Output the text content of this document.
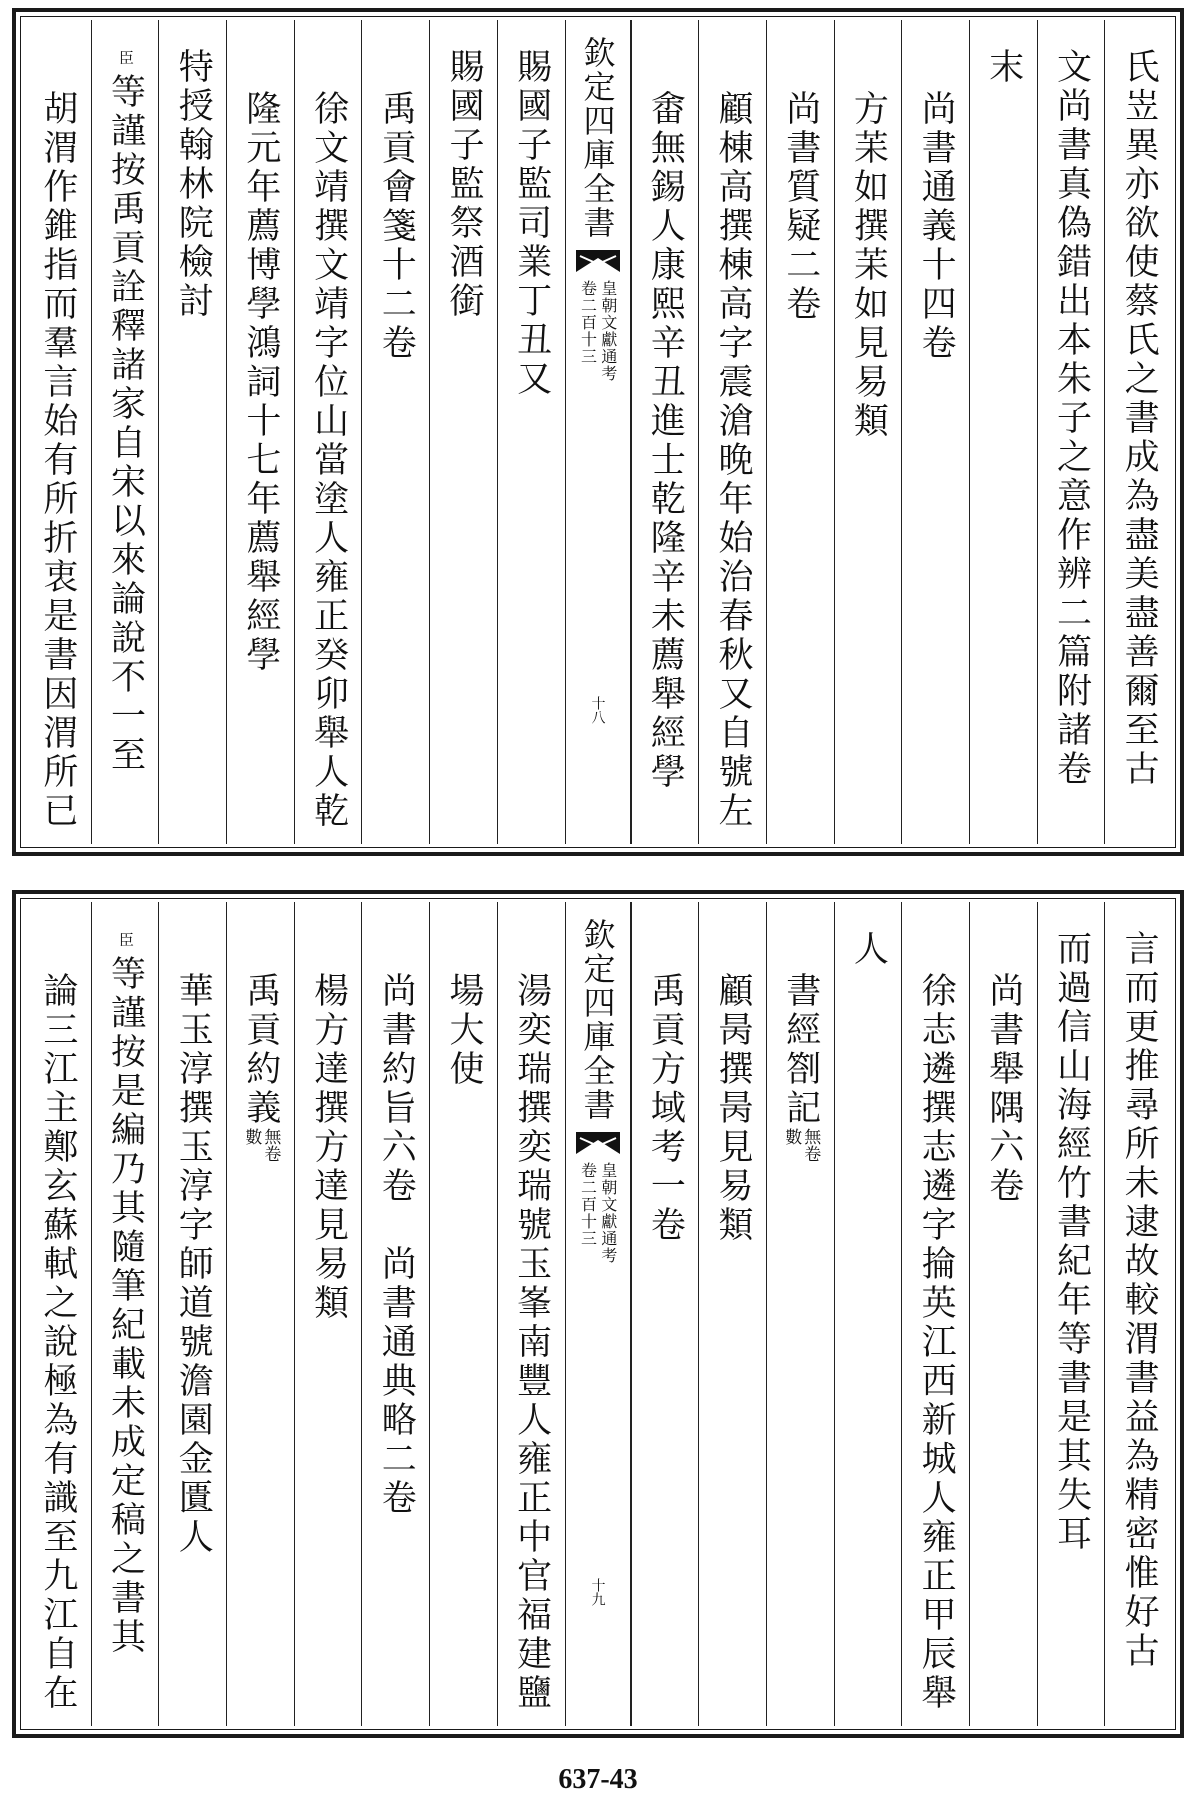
氏岦異亦欲使蔡氏之書成為盡美盡善爾至古
文尚書真偽錯出本朱子之意作辨二篇附諸卷
末
尚書通義十四卷
方苿如撰苿如見易類
尚書質疑二卷
顧棟高撰棟高字震滄晚年始治春秋又自號左
畬無錫人康熙辛丑進士乾隆辛未薦舉經學
欽定四庫全書
皇朝文獻通考
卷二百十三
十八
賜國子監司業丁丑又
賜國子監祭酒銜
禹貢會箋十二卷
徐文靖撰文靖字位山當塗人雍正癸卯舉人乾
隆元年薦博學鴻詞十七年薦舉經學
特授翰林院檢討
臣
等謹按禹貢詮釋諸家自宋以來論說不一至
胡渭作錐指而羣言始有所折衷是書因渭所已
言而更推尋所未逮故較渭書益為精密惟好古
而過信山海經竹書紀年等書是其失耳
尚書舉隅六卷
徐志遴撰志遴字掄英江西新城人雍正甲辰舉
人
書經劄記
無卷
數
顧昺撰昺見易類
禹貢方域考一卷
欽定四庫全書
皇朝文獻通考
卷二百十三
十九
湯奕瑞撰奕瑞號玉峯南豐人雍正中官福建鹽
場大使
尚書約旨六卷　尚書通典略二卷
楊方達撰方達見易類
禹貢約義
無卷
數
華玉淳撰玉淳字師道號澹園金匱人
臣
等謹按是編乃其隨筆紀載未成定稿之書其
論三江主鄭玄蘇軾之說極為有識至九江自在
637-43
